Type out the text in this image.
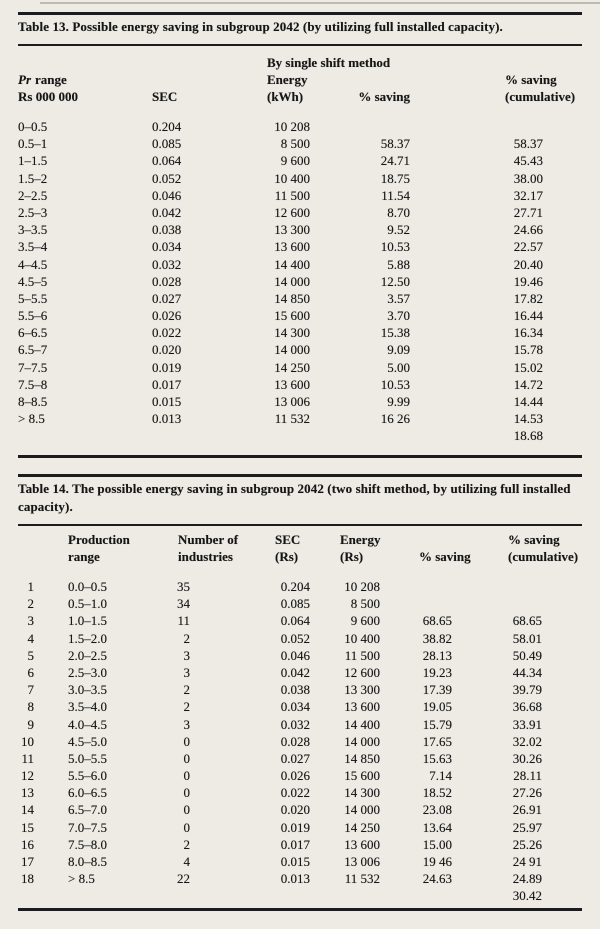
Table 13. Possible energy saving in subgroup 2042 (by utilizing full installed capacity).
By single shift method
Pr range
Rs 000 000	SEC
Energy
(kWh)	% saving
% saving
(cumulative)
0–0.5	0.204	10 208
0.5–1	0.085	8 500	58.37	58.37
1–1.5	0.064	9 600	24.71	45.43
1.5–2	0.052	10 400	18.75	38.00
2–2.5	0.046	11 500	11.54	32.17
2.5–3	0.042	12 600	8.70	27.71
3–3.5	0.038	13 300	9.52	24.66
3.5–4	0.034	13 600	10.53	22.57
4–4.5	0.032	14 400	5.88	20.40
4.5–5	0.028	14 000	12.50	19.46
5–5.5	0.027	14 850	3.57	17.82
5.5–6	0.026	15 600	3.70	16.44
6–6.5	0.022	14 300	15.38	16.34
6.5–7	0.020	14 000	9.09	15.78
7–7.5	0.019	14 250	5.00	15.02
7.5–8	0.017	13 600	10.53	14.72
8–8.5	0.015	13 006	9.99	14.44
> 8.5	0.013	11 532	16 26	14.53
18.68
Table 14. The possible energy saving in subgroup 2042 (two shift method, by utilizing full installed capacity).
Production
range
Number of
industries
SEC
(Rs)
Energy
(Rs)	% saving
% saving
(cumulative)
1	0.0–0.5	35	0.204	10 208
2	0.5–1.0	34	0.085	8 500
3	1.0–1.5	11	0.064	9 600	68.65	68.65
4	1.5–2.0	2	0.052	10 400	38.82	58.01
5	2.0–2.5	3	0.046	11 500	28.13	50.49
6	2.5–3.0	3	0.042	12 600	19.23	44.34
7	3.0–3.5	2	0.038	13 300	17.39	39.79
8	3.5–4.0	2	0.034	13 600	19.05	36.68
9	4.0–4.5	3	0.032	14 400	15.79	33.91
10	4.5–5.0	0	0.028	14 000	17.65	32.02
11	5.0–5.5	0	0.027	14 850	15.63	30.26
12	5.5–6.0	0	0.026	15 600	7.14	28.11
13	6.0–6.5	0	0.022	14 300	18.52	27.26
14	6.5–7.0	0	0.020	14 000	23.08	26.91
15	7.0–7.5	0	0.019	14 250	13.64	25.97
16	7.5–8.0	2	0.017	13 600	15.00	25.26
17	8.0–8.5	4	0.015	13 006	19 46	24 91
18	> 8.5	22	0.013	11 532	24.63	24.89
30.42
